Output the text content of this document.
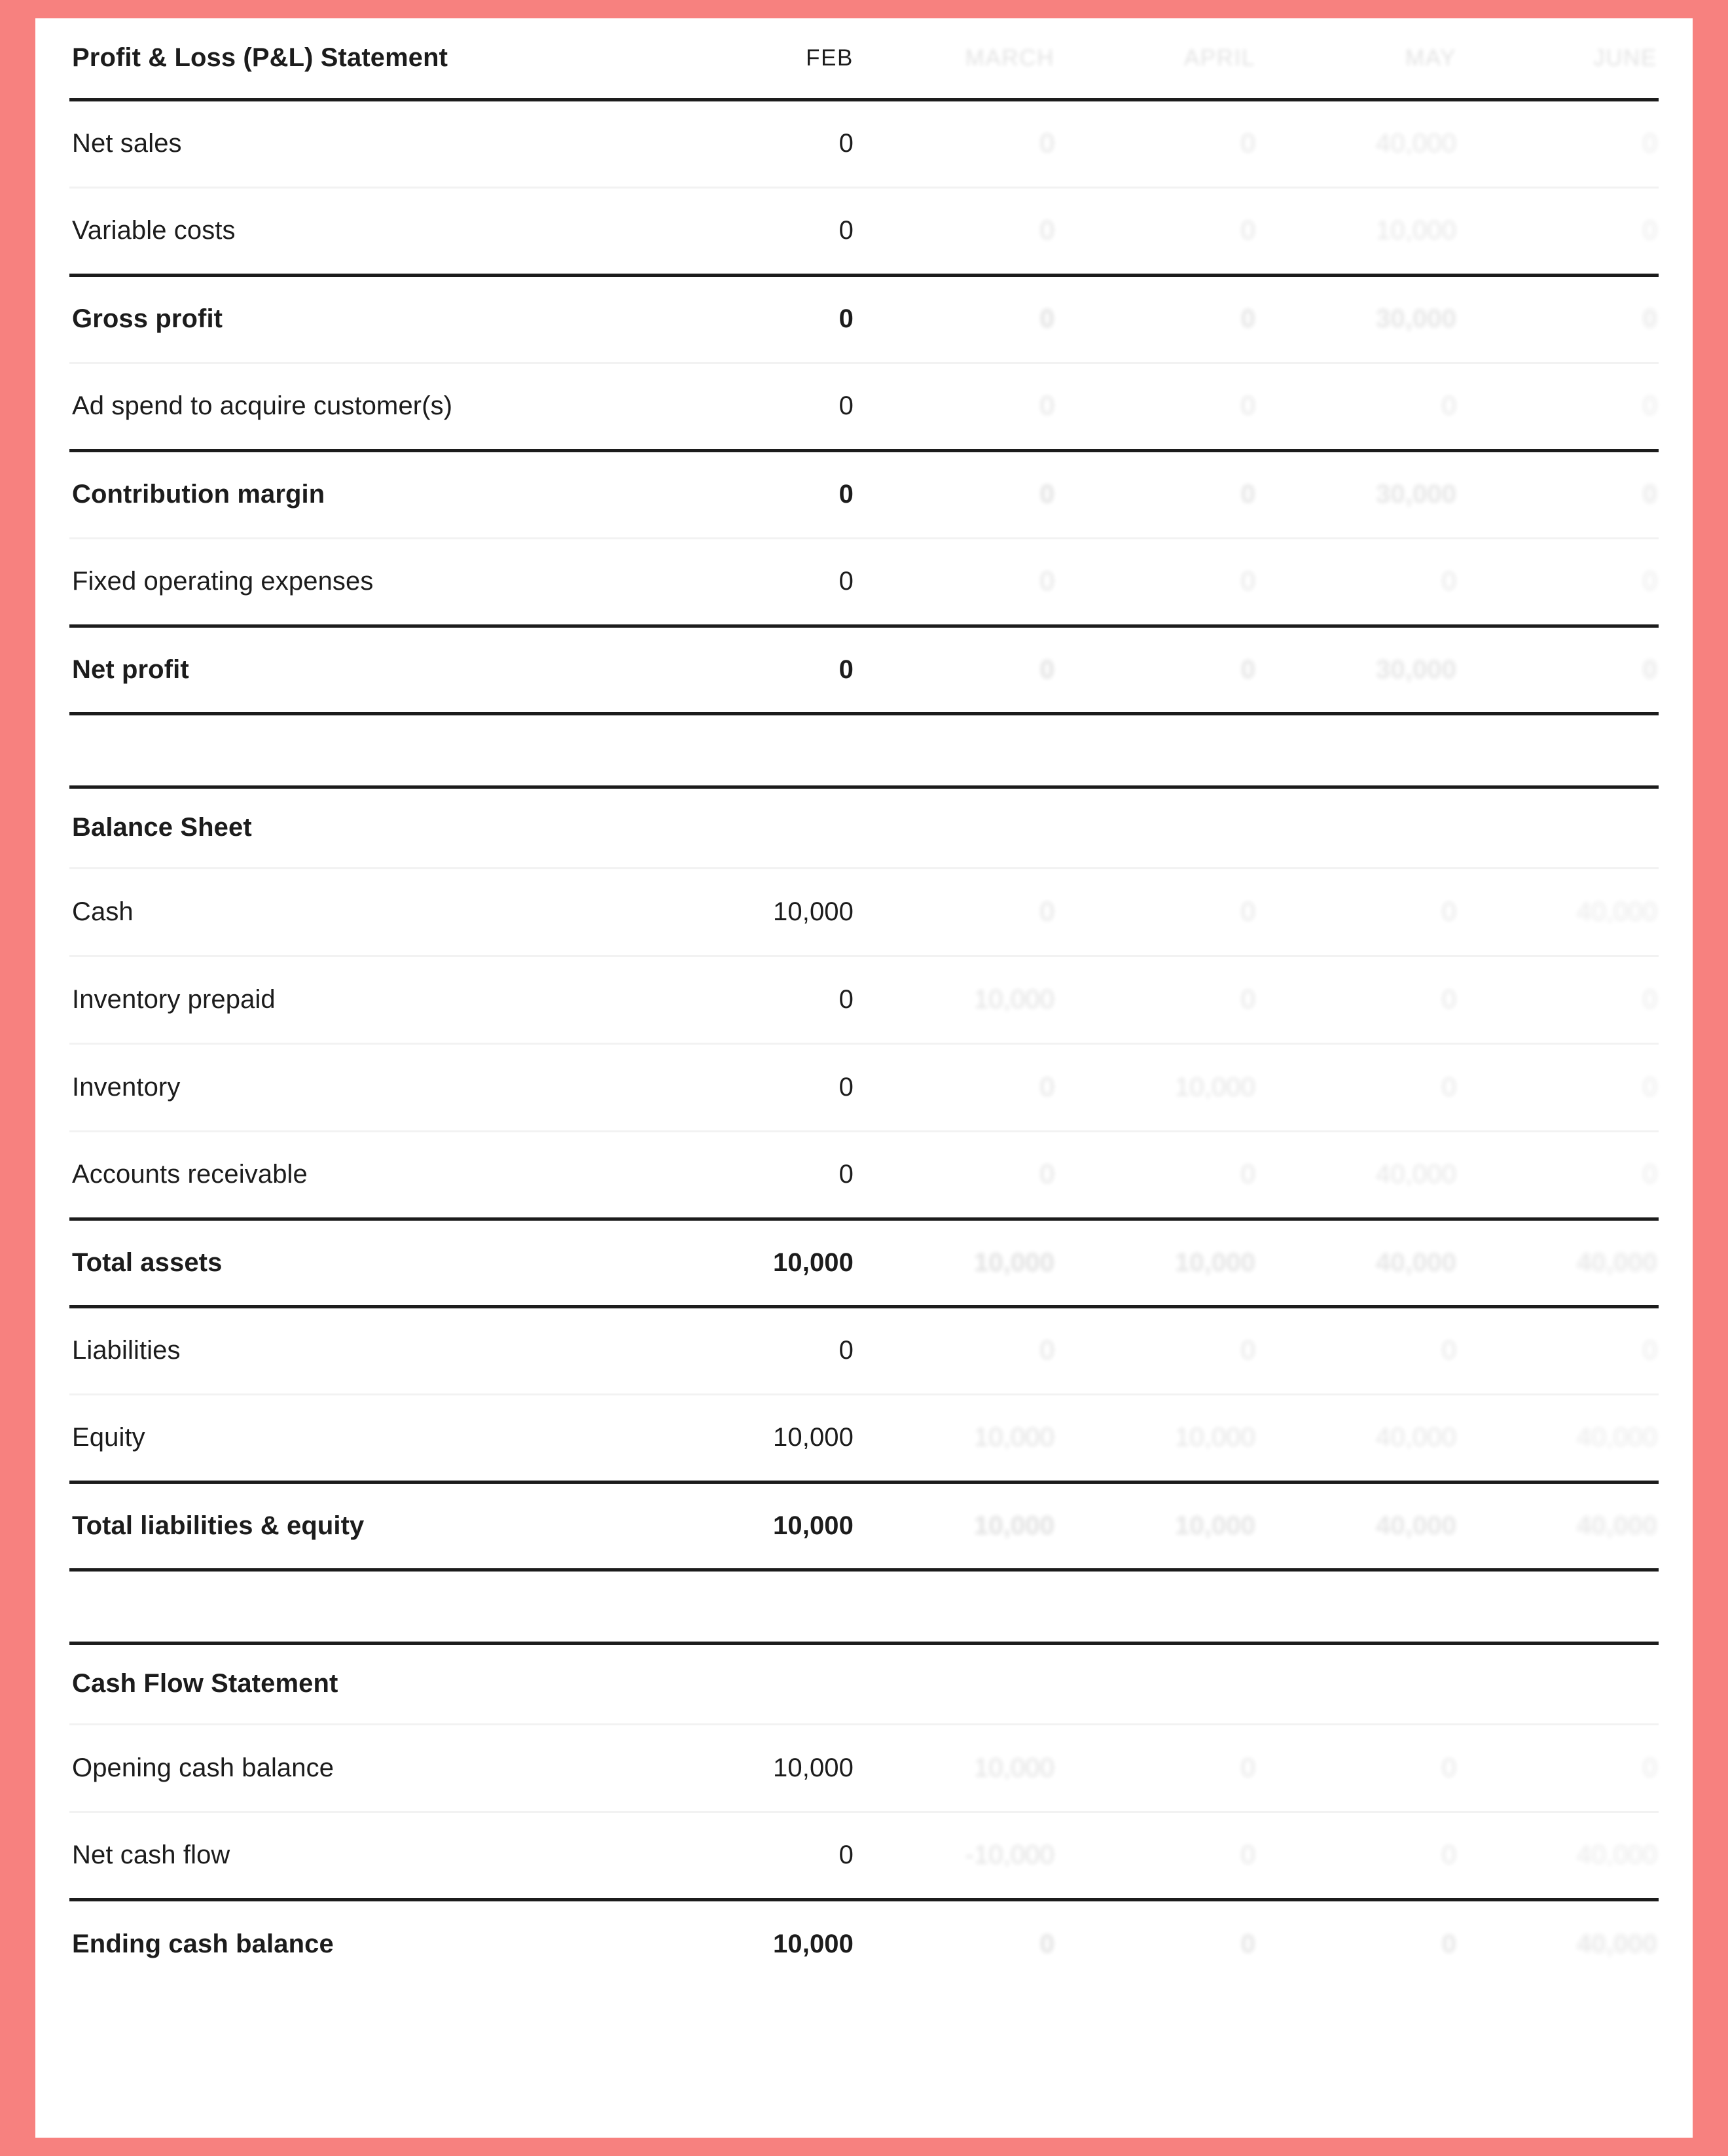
Profit & Loss (P&L) Statement	FEB	MARCH	APRIL	MAY	JUNE
Net sales	0	0	0	40,000	0
Variable costs	0	0	0	10,000	0
Gross profit	0	0	0	30,000	0
Ad spend to acquire customer(s)	0	0	0	0	0
Contribution margin	0	0	0	30,000	0
Fixed operating expenses	0	0	0	0	0
Net profit	0	0	0	30,000	0

Balance Sheet					
Cash	10,000	0	0	0	40,000
Inventory prepaid	0	10,000	0	0	0
Inventory	0	0	10,000	0	0
Accounts receivable	0	0	0	40,000	0
Total assets	10,000	10,000	10,000	40,000	40,000
Liabilities	0	0	0	0	0
Equity	10,000	10,000	10,000	40,000	40,000
Total liabilities & equity	10,000	10,000	10,000	40,000	40,000

Cash Flow Statement					
Opening cash balance	10,000	10,000	0	0	0
Net cash flow	0	-10,000	0	0	40,000
Ending cash balance	10,000	0	0	0	40,000
